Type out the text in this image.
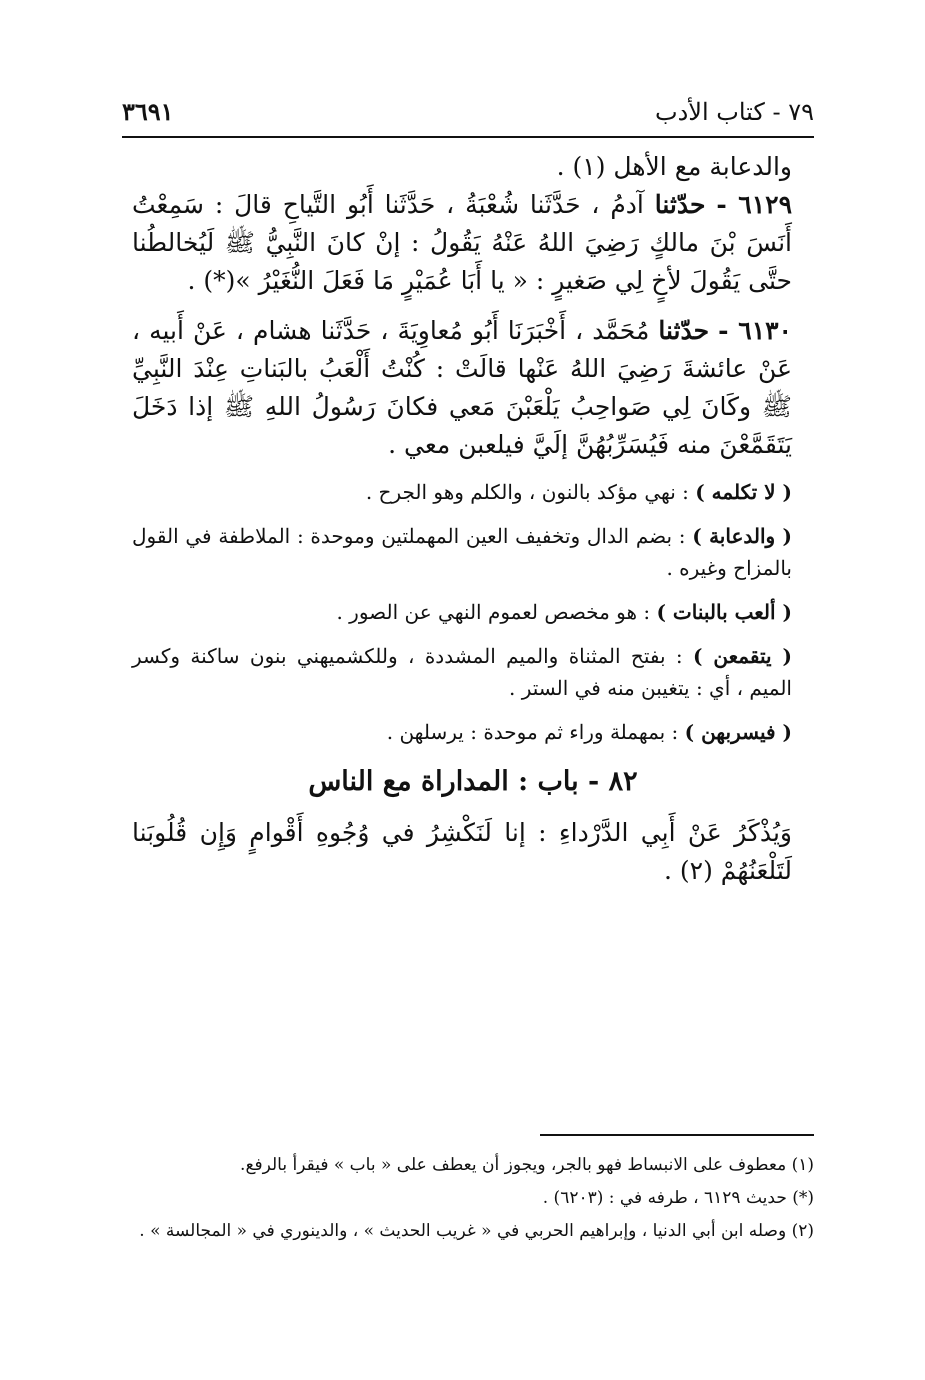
٧٩ - كتاب الأدب
٣٦٩١

والدعابة مع الأهل (١) .

٦١٢٩ - حدّثنا آدمُ ، حَدَّثَنا شُعْبَةُ ، حَدَّثَنا أَبُو التَّياحِ قالَ : سَمِعْتُ أَنَسَ بْنَ مالكٍ رَضِيَ اللهُ عَنْهُ يَقُولُ : إنْ كانَ النَّبِيُّ ﷺ لَيُخالطُنا حتَّى يَقُولَ لأخٍ لِي صَغيرٍ : « يا أَبَا عُمَيْرٍ مَا فَعَلَ النُّغَيْرُ »(*) .

٦١٣٠ - حدّثنا مُحَمَّد ، أَخْبَرَنَا أَبُو مُعاوِيَةَ ، حَدَّثَنا هشام ، عَنْ أَبيه ، عَنْ عائشةَ رَضِيَ اللهُ عَنْها قالَتْ : كُنْتُ أَلْعَبُ بالبَناتِ عِنْدَ النَّبِيِّ ﷺ وكَانَ لِي صَواحِبُ يَلْعَبْنَ مَعي فكانَ رَسُولُ اللهِ ﷺ إذا دَخَلَ يَتَقَمَّعْنَ منه فَيُسَرِّبُهُنَّ إلَيَّ فيلعبن معي .

( لا تكلمه ) : نهي مؤكد بالنون ، والكلم وهو الجرح .

( والدعابة ) : بضم الدال وتخفيف العين المهملتين وموحدة : الملاطفة في القول بالمزاح وغيره .

( ألعب بالبنات ) : هو مخصص لعموم النهي عن الصور .

( يتقمعن ) : بفتح المثناة والميم المشددة ، وللكشميهني بنون ساكنة وكسر الميم ، أي : يتغيبن منه في الستر .

( فيسربهن ) : بمهملة وراء ثم موحدة : يرسلهن .

٨٢ - باب : المداراة مع الناس

وَيُذْكَرُ عَنْ أَبِي الدَّرْداءِ : إنا لَنَكْشِرُ في وُجُوهِ أَقْوامٍ وَإِن قُلُوبَنا لَتَلْعَنُهُمْ (٢) .

(١) معطوف على الانبساط فهو بالجر، ويجوز أن يعطف على « باب » فيقرأ بالرفع.

(*) حديث ٦١٢٩ ، طرفه في : (٦٢٠٣) .

(٢) وصله ابن أبي الدنيا ، وإبراهيم الحربي في « غريب الحديث » ، والدينوري في « المجالسة » .
